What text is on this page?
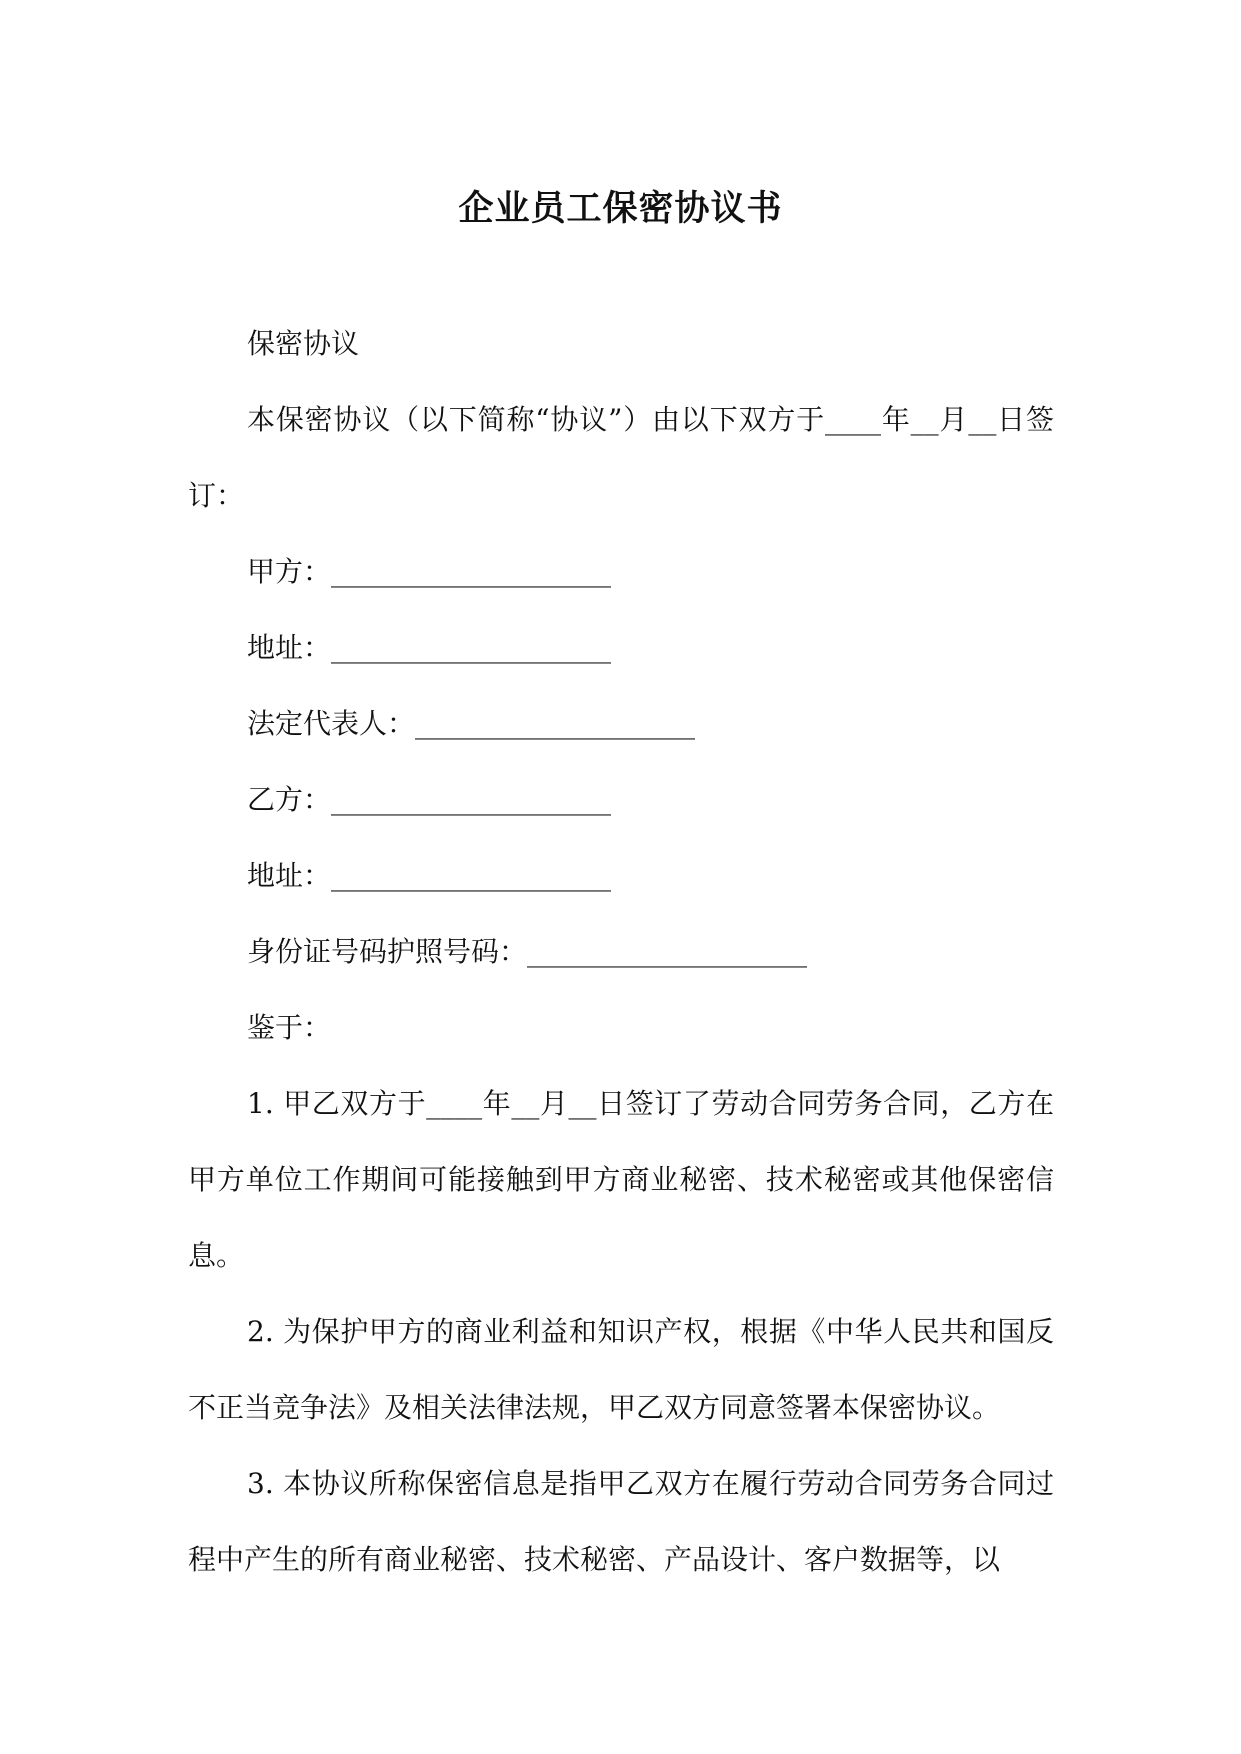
企业员工保密协议书

保密协议

本保密协议（以下简称“协议”）由以下双方于____年__月__日签订：

甲方：____________________

地址：____________________

法定代表人：____________________

乙方：____________________

地址：____________________

身份证号码护照号码：____________________

鉴于：

1. 甲乙双方于____年__月__日签订了劳动合同劳务合同，乙方在甲方单位工作期间可能接触到甲方商业秘密、技术秘密或其他保密信息。

2. 为保护甲方的商业利益和知识产权，根据《中华人民共和国反不正当竞争法》及相关法律法规，甲乙双方同意签署本保密协议。

3. 本协议所称保密信息是指甲乙双方在履行劳动合同劳务合同过程中产生的所有商业秘密、技术秘密、产品设计、客户数据等，以
